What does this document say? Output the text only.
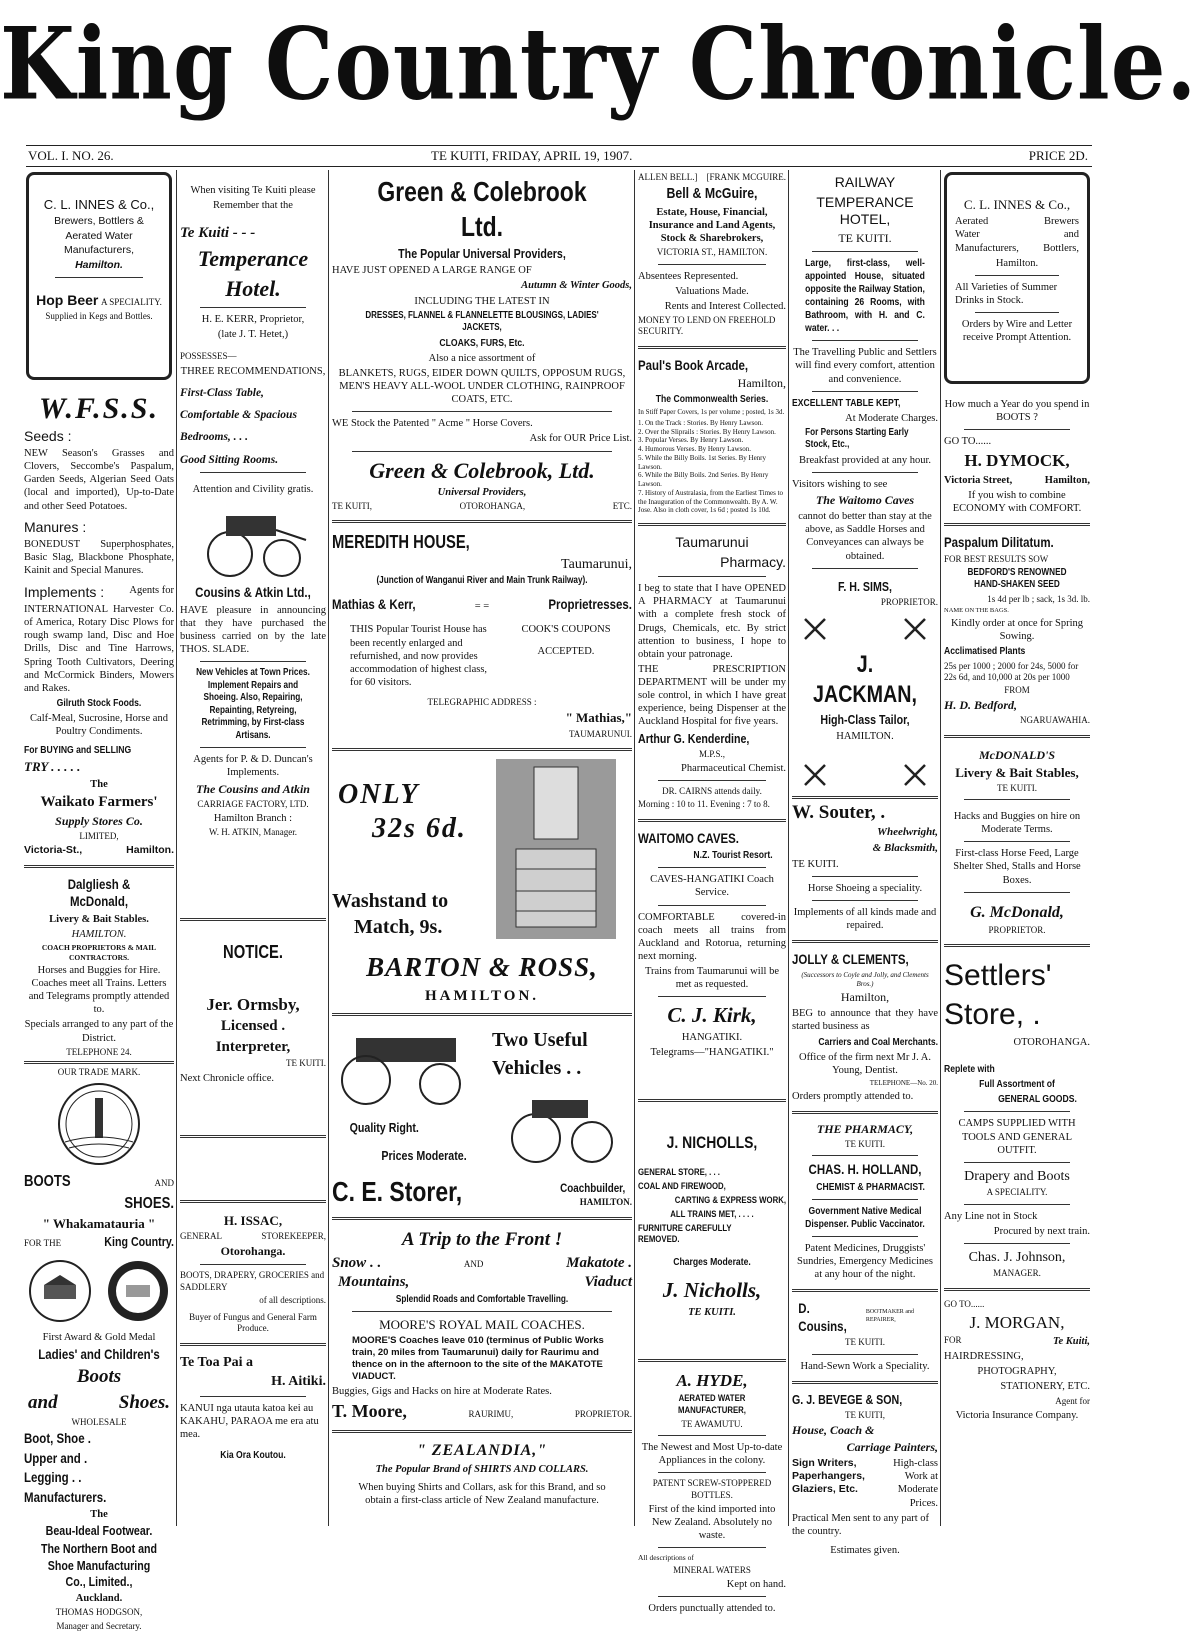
King Country Chronicle.
VOL. I. NO. 26.	TE KUITI, FRIDAY, APRIL 19, 1907.	PRICE 2D.

C. L. INNES & Co.,

Brewers, Bottlers &

Aerated Water Manufacturers,

Hamilton.

Hop Beer A SPECIALITY.

Supplied in Kegs and Bottles.

W.F.S.S.
Seeds :

NEW Season's Grasses and Clovers, Seccombe's Paspalum, Garden Seeds, Algerian Seed Oats (local and imported), Up-to-Date and other Seed Potatoes.

Manures :

BONEDUST Superphosphates, Basic Slag, Blackbone Phosphate, Kainit and Special Manures.

Implements : Agents for

INTERNATIONAL Harvester Co. of America, Rotary Disc Plows for rough swamp land, Disc and Hoe Drills, Disc and Tine Harrows, Spring Tooth Cultivators, Deering and McCormick Binders, Mowers and Rakes.

Gilruth Stock Foods.

Calf-Meal, Sucrosine, Horse and Poultry Condiments.

For BUYING and SELLING

TRY . . . . .

The

Waikato Farmers'

Supply Stores Co.

LIMITED,

Victoria-St.,	Hamilton.

Dalgliesh & McDonald,

Livery & Bait Stables.

HAMILTON.

COACH PROPRIETORS & MAIL CONTRACTORS.

Horses and Buggies for Hire. Coaches meet all Trains. Letters and Telegrams promptly attended to.

Specials arranged to any part of the District.

TELEPHONE 24.

OUR TRADE MARK.

BOOTS	AND

SHOES.

" Whakamatauria "

FOR THE	King Country.

First Award & Gold Medal

Ladies' and Children's

Boots

and	Shoes.

WHOLESALE

Boot, Shoe .

Upper and .

Legging . .

Manufacturers.

The

Beau-Ideal Footwear.

The Northern Boot and Shoe Manufacturing Co., Limited.,

Auckland.

THOMAS HODGSON,

Manager and Secretary.

When visiting Te Kuiti please

Remember that the

Te Kuiti - - -

Temperance

Hotel.

H. E. KERR, Proprietor,

(late J. T. Hetet,)

POSSESSES—

THREE RECOMMENDATIONS,

First-Class Table,

Comfortable & Spacious

Bedrooms, . . .

Good Sitting Rooms.

Attention and Civility gratis.

Cousins & Atkin Ltd.,

HAVE pleasure in announcing that they have purchased the business carried on by the late THOS. SLADE.

New Vehicles at Town Prices. Implement Repairs and Shoeing. Also, Repairing, Repainting, Retyreing, Retrimming, by First-class Artisans.

Agents for P. & D. Duncan's Implements.

The Cousins and Atkin

CARRIAGE FACTORY, LTD.

Hamilton Branch :

W. H. ATKIN, Manager.

NOTICE.

Jer. Ormsby,

Licensed .

Interpreter,

TE KUITI.

Next Chronicle office.

H. ISSAC,

GENERAL	STOREKEEPER,

Otorohanga.

BOOTS, DRAPERY, GROCERIES and SADDLERY

of all descriptions.

Buyer of Fungus and General Farm Produce.

Te Toa Pai a

H. Aitiki.

KANUI nga utauta katoa kei au KAKAHU, PARAOA me era atu mea.

Kia Ora Koutou.

Green & Colebrook Ltd.

The Popular Universal Providers,

HAVE JUST OPENED A LARGE RANGE OF

Autumn & Winter Goods,

INCLUDING THE LATEST IN

DRESSES, FLANNEL & FLANNELETTE BLOUSINGS, LADIES' JACKETS,

CLOAKS, FURS, Etc.

Also a nice assortment of

BLANKETS, RUGS, EIDER DOWN QUILTS, OPPOSUM RUGS, MEN'S HEAVY ALL-WOOL UNDER CLOTHING, RAINPROOF COATS, ETC.

WE Stock the Patented " Acme " Horse Covers.

Ask for OUR Price List.

Green & Colebrook, Ltd.

Universal Providers,

TE KUITI,	OTOROHANGA,	ETC.

MEREDITH HOUSE,

Taumarunui,

(Junction of Wanganui River and Main Trunk Railway).

Mathias & Kerr,	= =	Proprietresses.

THIS Popular Tourist House has been recently enlarged and refurnished, and now provides accommodation of highest class, for 60 visitors.

COOK'S COUPONS

ACCEPTED.

TELEGRAPHIC ADDRESS :

" Mathias,"

TAUMARUNUI.

ONLY

32s 6d.

Washstand to

Match, 9s.

BARTON & ROSS,

HAMILTON.

Two Useful

Vehicles . .

Quality Right.

Prices Moderate.

C. E. Storer,	Coachbuilder,
HAMILTON.

A Trip to the Front !

Snow . .	AND	Makatote .
Mountains,	Viaduct

Splendid Roads and Comfortable Travelling.

MOORE'S ROYAL MAIL COACHES.

MOORE'S Coaches leave 010 (terminus of Public Works train, 20 miles from Taumarunui) daily for Raurimu and thence on in the afternoon to the site of the MAKATOTE VIADUCT.

Buggies, Gigs and Hacks on hire at Moderate Rates.

T. Moore,	RAURIMU,	PROPRIETOR.

" ZEALANDIA,"

The Popular Brand of SHIRTS AND COLLARS.

When buying Shirts and Collars, ask for this Brand, and so obtain a first-class article of New Zealand manufacture.

ALLEN BELL.] [FRANK MCGUIRE.

Bell & McGuire,

Estate, House, Financial, Insurance and Land Agents, Stock & Sharebrokers,

VICTORIA ST., HAMILTON.

Absentees Represented.

Valuations Made.

Rents and Interest Collected.

MONEY TO LEND ON FREEHOLD SECURITY.

Paul's Book Arcade,

Hamilton,

The Commonwealth Series.

In Stiff Paper Covers, 1s per volume ; posted, 1s 3d.

1. On the Track : Stories. By Henry Lawson.

2. Over the Sliprails : Stories. By Henry Lawson.

3. Popular Verses. By Henry Lawson.

4. Humorous Verses. By Henry Lawson.

5. While the Billy Boils. 1st Series. By Henry Lawson.

6. While the Billy Boils. 2nd Series. By Henry Lawson.

7. History of Australasia, from the Earliest Times to the Inauguration of the Commonwealth. By A. W. Jose. Also in cloth cover, 1s 6d ; posted 1s 10d.

Taumarunui

Pharmacy.

I beg to state that I have OPENED A PHARMACY at Taumarunui with a complete fresh stock of Drugs, Chemicals, etc. By strict attention to business, I hope to obtain your patronage.

THE PRESCRIPTION DEPARTMENT will be under my sole control, in which I have great experience, being Dispenser at the Auckland Hospital for five years.

Arthur G. Kenderdine,

M.P.S.,

Pharmaceutical Chemist.

DR. CAIRNS attends daily.

Morning : 10 to 11. Evening : 7 to 8.

WAITOMO CAVES.

N.Z. Tourist Resort.

CAVES-HANGATIKI Coach Service.

COMFORTABLE covered-in coach meets all trains from Auckland and Rotorua, returning next morning.

Trains from Taumarunui will be met as requested.

C. J. Kirk,

HANGATIKI.

Telegrams—"HANGATIKI."

J. NICHOLLS,

GENERAL STORE, . . .

COAL AND FIREWOOD,

CARTING & EXPRESS WORK,

ALL TRAINS MET, . . . .

FURNITURE CAREFULLY REMOVED.

Charges Moderate.

J. Nicholls,

TE KUITI.

A. HYDE,

AERATED WATER MANUFACTURER,

TE AWAMUTU.

The Newest and Most Up-to-date Appliances in the colony.

PATENT SCREW-STOPPERED BOTTLES.

First of the kind imported into New Zealand. Absolutely no waste.

All descriptions of

MINERAL WATERS

Kept on hand.

Orders punctually attended to.

RAILWAY

TEMPERANCE HOTEL,

TE KUITI.

Large, first-class, well-appointed House, situated opposite the Railway Station, containing 26 Rooms, with Bathroom, with H. and C. water. . .

The Travelling Public and Settlers will find every comfort, attention and convenience.

EXCELLENT TABLE KEPT,

At Moderate Charges.

For Persons Starting Early Stock, Etc.,

Breakfast provided at any hour.

Visitors wishing to see

The Waitomo Caves

cannot do better than stay at the above, as Saddle Horses and Conveyances can always be obtained.

F. H. SIMS,

PROPRIETOR.

J. JACKMAN,

High-Class Tailor,

HAMILTON.

W. Souter, .

Wheelwright,

& Blacksmith,

TE KUITI.

Horse Shoeing a speciality.

Implements of all kinds made and repaired.

JOLLY & CLEMENTS,

(Successors to Coyle and Jolly, and Clements Bros.)

Hamilton,

BEG to announce that they have started business as

Carriers and Coal Merchants.

Office of the firm next Mr J. A. Young, Dentist.

TELEPHONE—No. 20.

Orders promptly attended to.

THE PHARMACY,

TE KUITI.

CHAS. H. HOLLAND,

CHEMIST & PHARMACIST.

Government Native Medical Dispenser. Public Vaccinator.

Patent Medicines, Druggists' Sundries, Emergency Medicines at any hour of the night.

D. Cousins,
BOOTMAKER and REPAIRER,

TE KUITI.

Hand-Sewn Work a Speciality.

G. J. BEVEGE & SON,

TE KUITI,

House, Coach &

Carriage Painters,

Sign Writers, Paperhangers, Glaziers, Etc.
High-class Work at Moderate Prices.

Practical Men sent to any part of the country.

Estimates given.

C. L. INNES & Co.,

Aerated	Brewers
Water	and
Manufacturers, Bottlers,

Hamilton.

All Varieties of Summer Drinks in Stock.

Orders by Wire and Letter receive Prompt Attention.

How much a Year do you spend in BOOTS ?

GO TO......

H. DYMOCK,

Victoria Street,	Hamilton,

If you wish to combine ECONOMY with COMFORT.

Paspalum Dilitatum.

FOR BEST RESULTS SOW

BEDFORD'S RENOWNED HAND-SHAKEN SEED

1s 4d per lb ; sack, 1s 3d. lb.

NAME ON THE BAGS.

Kindly order at once for Spring Sowing.

Acclimatised Plants

25s per 1000 ; 2000 for 24s, 5000 for 22s 6d, and 10,000 at 20s per 1000

FROM

H. D. Bedford,

NGARUAWAHIA.

McDONALD'S

Livery & Bait Stables,

TE KUITI.

Hacks and Buggies on hire on Moderate Terms.

First-class Horse Feed, Large Shelter Shed, Stalls and Horse Boxes.

G. McDonald,

PROPRIETOR.

Settlers'

Store, .

OTOROHANGA.

Replete with

Full Assortment of

GENERAL GOODS.

CAMPS SUPPLIED WITH TOOLS AND GENERAL OUTFIT.

Drapery and Boots

A SPECIALITY.

Any Line not in Stock

Procured by next train.

Chas. J. Johnson,

MANAGER.

GO TO......

J. MORGAN,

FOR	Te Kuiti,

HAIRDRESSING,

PHOTOGRAPHY,

STATIONERY, ETC.

Agent for

Victoria Insurance Company.
